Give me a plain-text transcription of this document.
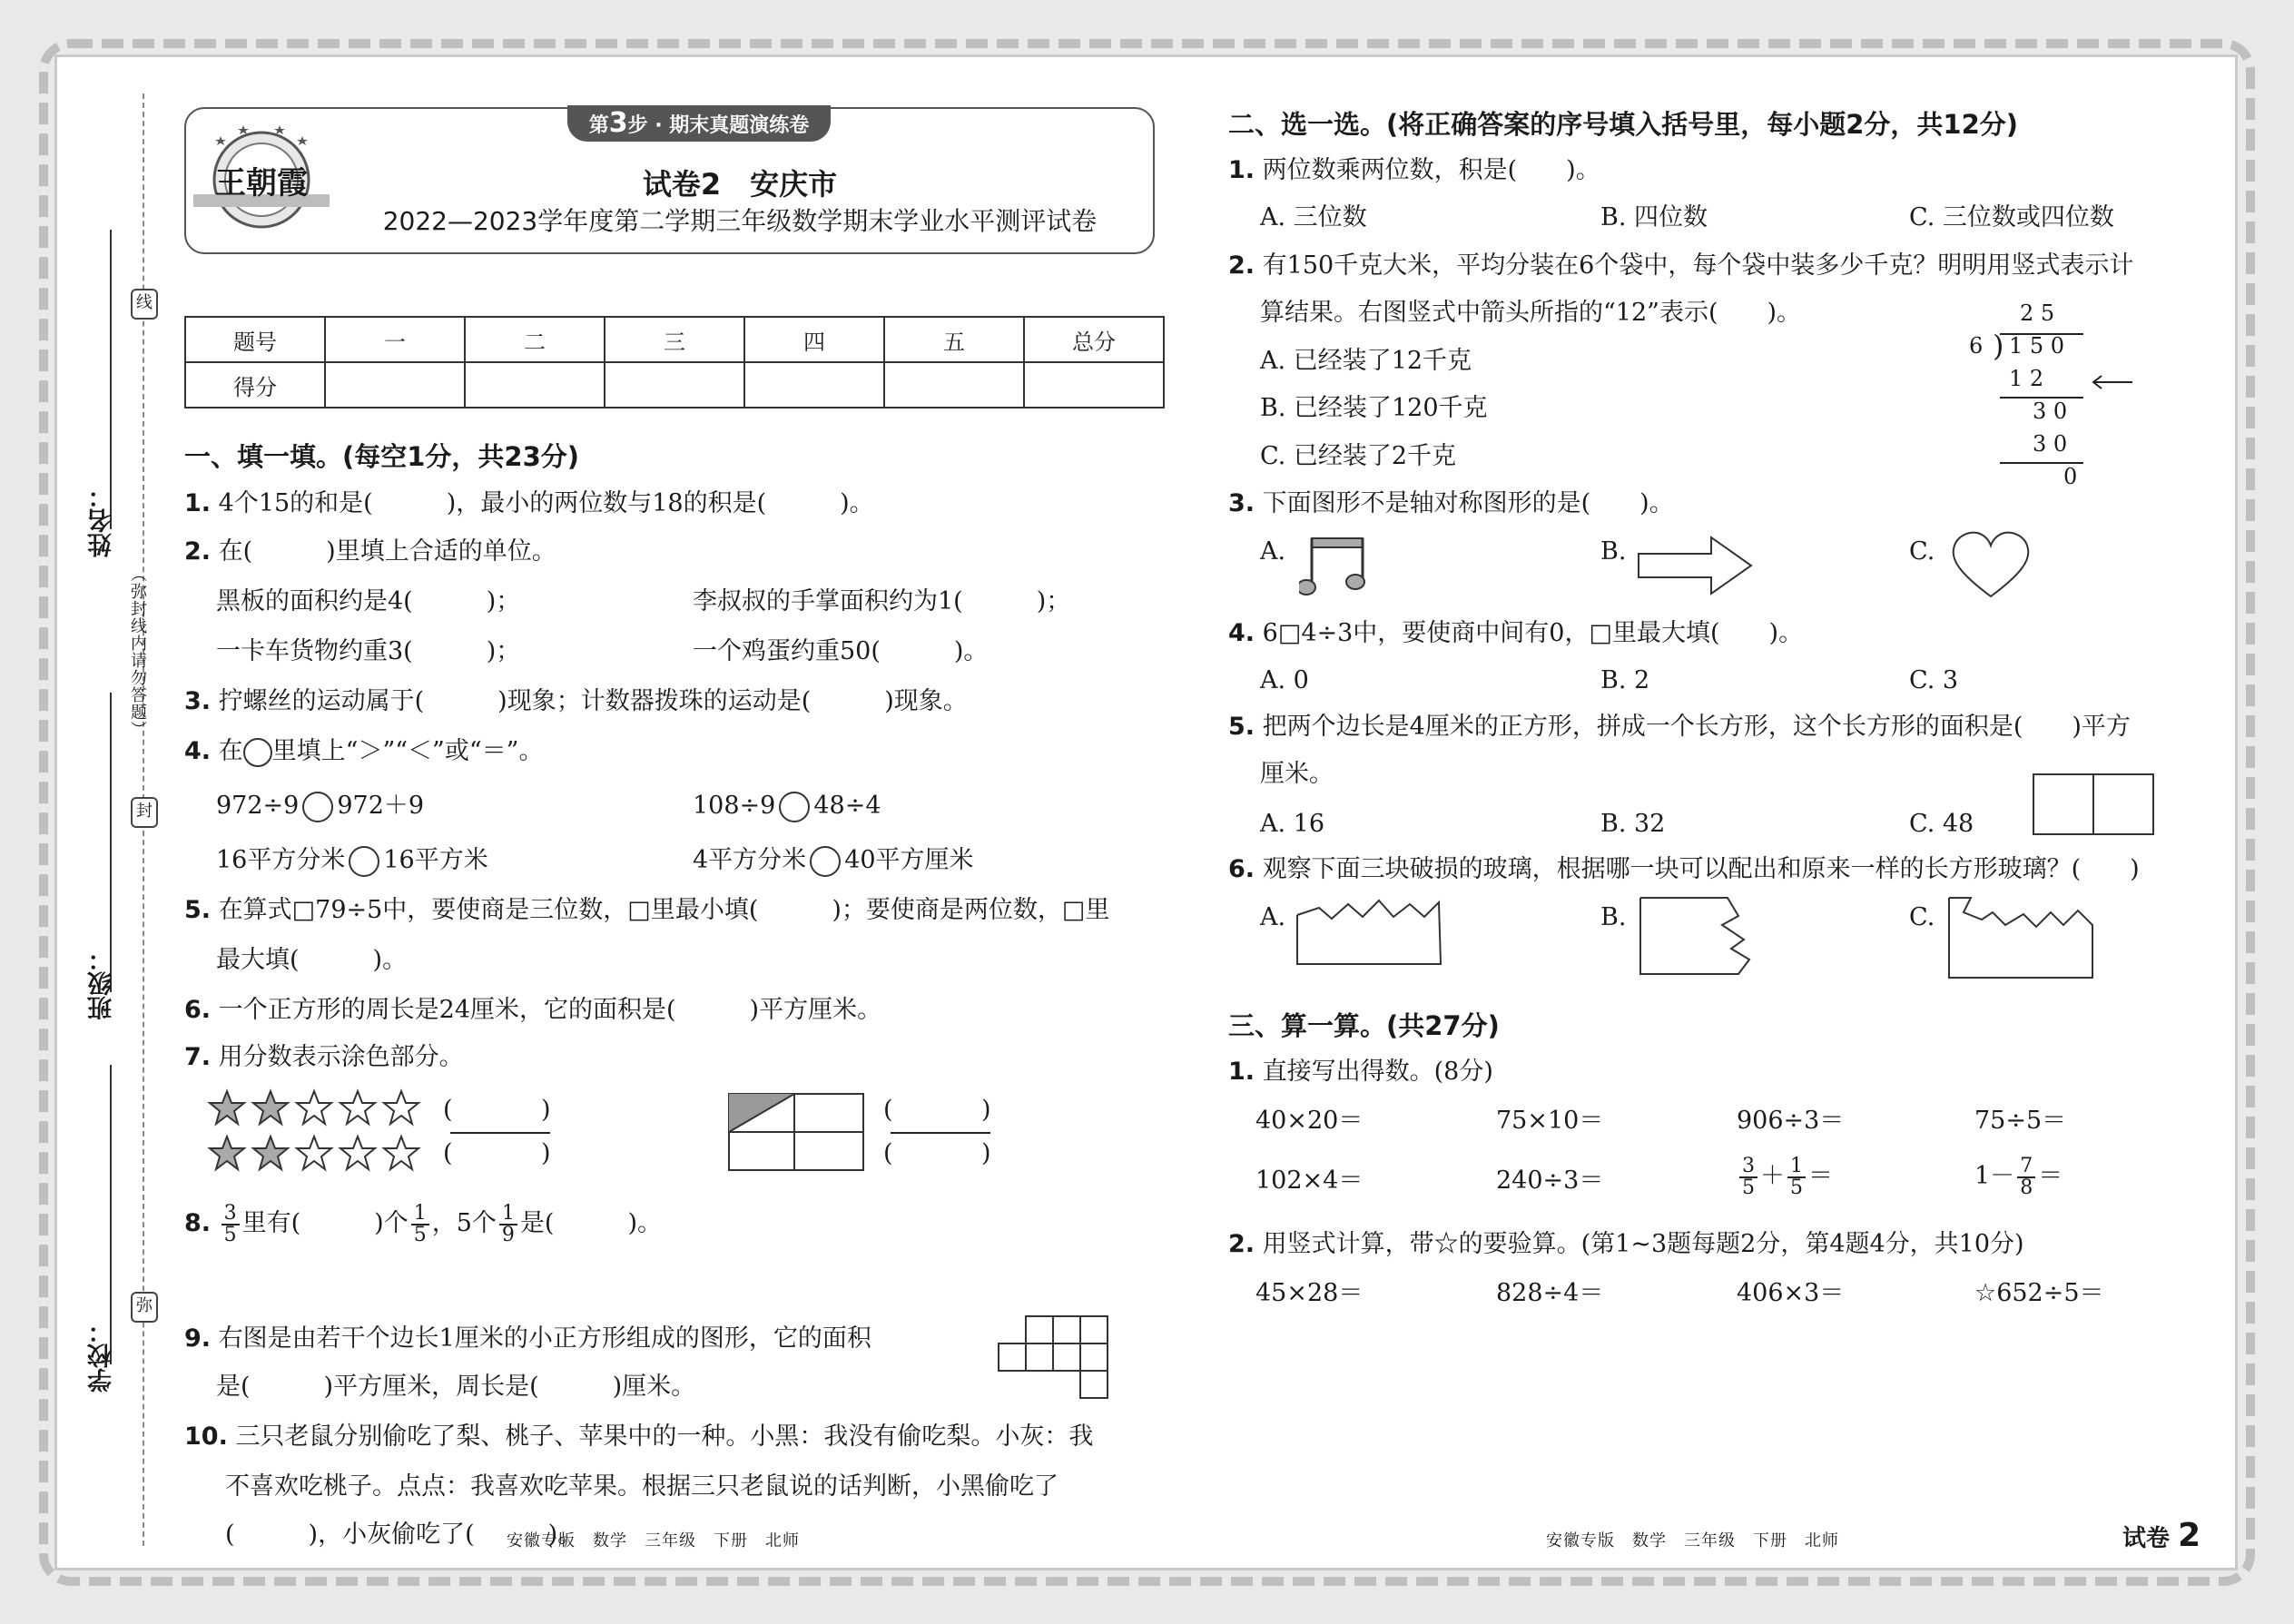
线
封
弥
（弥封线内请勿答题）
姓名：
班级：
学校：
王朝霞
第3步 · 期末真题演练卷
试卷2　安庆市
2022—2023学年度第二学期三年级数学期末学业水平测评试卷
题号	一	二	三	四	五	总分
得分						
一、填一填。(每空1分，共23分)
1. 4个15的和是(　　　)，最小的两位数与18的积是(　　　)。
2. 在(　　　)里填上合适的单位。
黑板的面积约是4(　　　)；	李叔叔的手掌面积约为1(　　　)；
一卡车货物约重3(　　　)；	一个鸡蛋约重50(　　　)。
3. 拧螺丝的运动属于(　　　)现象；计数器拨珠的运动是(　　　)现象。
4. 在 里填上“＞”“＜”或“＝”。
972÷9 972＋9	108÷9 48÷4
16平方分米 16平方米	4平方分米 40平方厘米
5. 在算式□79÷5中，要使商是三位数，□里最小填(　　　)；要使商是两位数，□里
最大填(　　　)。
6. 一个正方形的周长是24厘米，它的面积是(　　　)平方厘米。
7. 用分数表示涂色部分。
(	)
(	)
(	)
(	)
8. $\frac{3}{5}$ 里有(　　　)个 $\frac{1}{5}$ ，5个 $\frac{1}{9}$ 是(　　　)。
9. 右图是由若干个边长1厘米的小正方形组成的图形，它的面积
是(　　　)平方厘米，周长是(　　　)厘米。
10. 三只老鼠分别偷吃了梨、桃子、苹果中的一种。小黑：我没有偷吃梨。小灰：我
不喜欢吃桃子。点点：我喜欢吃苹果。根据三只老鼠说的话判断，小黑偷吃了
(　　　)，小灰偷吃了(　　　)。
安徽专版　数学　三年级　下册　北师
二、选一选。(将正确答案的序号填入括号里，每小题2分，共12分)
1. 两位数乘两位数，积是(　　)。
A. 三位数	B. 四位数	C. 三位数或四位数
2. 有150千克大米，平均分装在6个袋中，每个袋中装多少千克？明明用竖式表示计
算结果。右图竖式中箭头所指的“12”表示(　　)。
A. 已经装了12千克
B. 已经装了120千克
C. 已经装了2千克
2 5
6 ) 1 5 0
1 2
3 0
3 0
0
3. 下面图形不是轴对称图形的是(　　)。
A.	B.	C.
4. 6□4÷3中，要使商中间有0，□里最大填(　　)。
A. 0	B. 2	C. 3
5. 把两个边长是4厘米的正方形，拼成一个长方形，这个长方形的面积是(　　)平方
厘米。
A. 16	B. 32	C. 48
6. 观察下面三块破损的玻璃，根据哪一块可以配出和原来一样的长方形玻璃？(　　)
A.	B.	C.
三、算一算。(共27分)
1. 直接写出得数。(8分)
40×20＝	75×10＝	906÷3＝	75÷5＝
102×4＝	240÷3＝	$\frac{3}{5} + \frac{1}{5}$ ＝	$1- \frac{7}{8}$ ＝
2. 用竖式计算，带☆的要验算。(第1~3题每题2分，第4题4分，共10分)
45×28＝	828÷4＝	406×3＝	☆652÷5＝
安徽专版　数学　三年级　下册　北师	试卷 2
